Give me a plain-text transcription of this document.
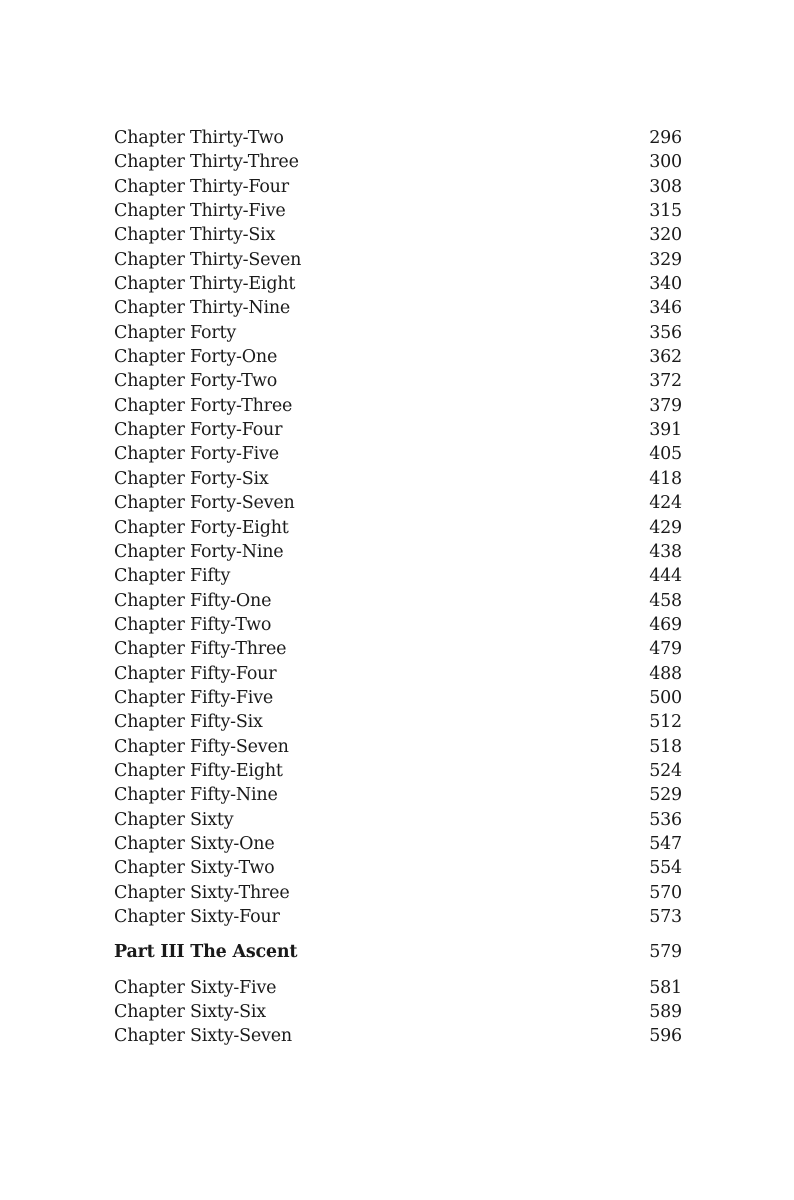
Chapter Thirty-Two	296
Chapter Thirty-Three	300
Chapter Thirty-Four	308
Chapter Thirty-Five	315
Chapter Thirty-Six	320
Chapter Thirty-Seven	329
Chapter Thirty-Eight	340
Chapter Thirty-Nine	346
Chapter Forty	356
Chapter Forty-One	362
Chapter Forty-Two	372
Chapter Forty-Three	379
Chapter Forty-Four	391
Chapter Forty-Five	405
Chapter Forty-Six	418
Chapter Forty-Seven	424
Chapter Forty-Eight	429
Chapter Forty-Nine	438
Chapter Fifty	444
Chapter Fifty-One	458
Chapter Fifty-Two	469
Chapter Fifty-Three	479
Chapter Fifty-Four	488
Chapter Fifty-Five	500
Chapter Fifty-Six	512
Chapter Fifty-Seven	518
Chapter Fifty-Eight	524
Chapter Fifty-Nine	529
Chapter Sixty	536
Chapter Sixty-One	547
Chapter Sixty-Two	554
Chapter Sixty-Three	570
Chapter Sixty-Four	573
Part III The Ascent	579
Chapter Sixty-Five	581
Chapter Sixty-Six	589
Chapter Sixty-Seven	596
